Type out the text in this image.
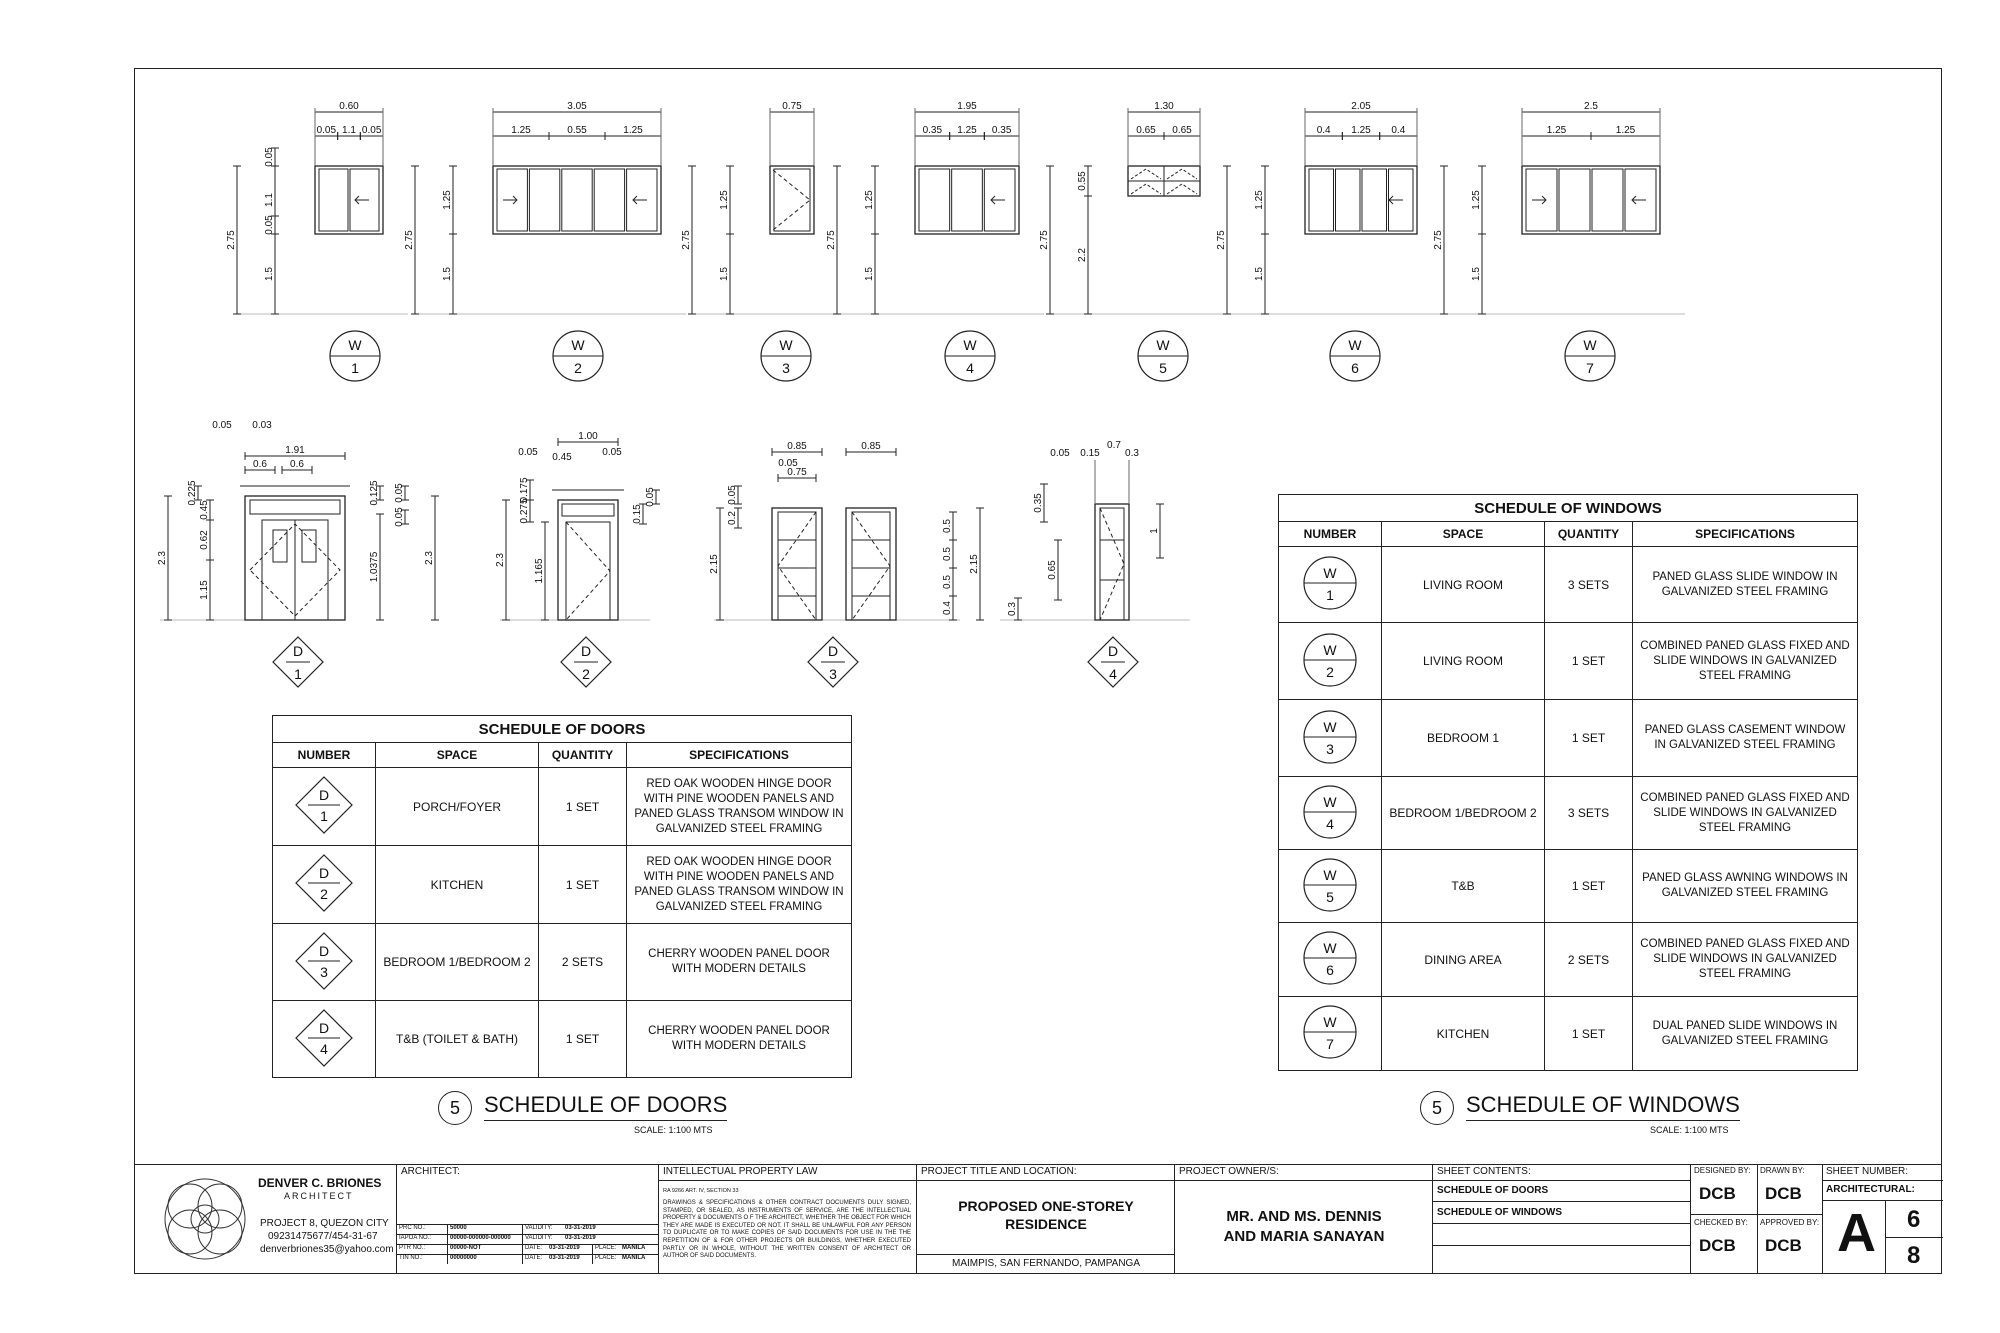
0.05
1.1
0.05
1.5
2.75
0.60
0.05 1.1 0.05
W
1
1.25
1.5
2.75
3.05
1.25	0.55	1.25
W
2
1.25
1.5
2.75
0.75
W
3
1.25
1.5
2.75
1.95
0.35 1.25 0.35
W
4
0.55
2.2
2.75
1.30
0.65 0.65
W
5
1.25
1.5
2.75
2.05
0.4 1.25 0.4
W
6
1.25
1.5
2.75
2.5
1.25	1.25
W
7
2.3
0.225
0.45
0.62
1.15
2.3
0.125 0.05
0.05
1.0375
1.91
0.6 0.6
0.05 0.03
D
1
2.3
0.175
0.275
1.165
0.05
0.15
1.00
0.05 0.45	0.05
D
2
2.15
0.05
0.2
2.15
0.5
0.5
0.5
0.4
0.85
0.05
0.75
0.85
D
3
0.35
0.65
0.3
1
0.05 0.15
0.7
0.3
D
4
SCHEDULE OF DOORS			
NUMBER	SPACE	QUANTITY	SPECIFICATIONS

D
1	PORCH/FOYER	1 SET	RED OAK WOODEN HINGE DOOR WITH PINE WOODEN PANELS AND PANED GLASS TRANSOM WINDOW IN GALVANIZED STEEL FRAMING

D
2	KITCHEN	1 SET	RED OAK WOODEN HINGE DOOR WITH PINE WOODEN PANELS AND PANED GLASS TRANSOM WINDOW IN GALVANIZED STEEL FRAMING

D
3	BEDROOM 1/BEDROOM 2	2 SETS	CHERRY WOODEN PANEL DOOR WITH MODERN DETAILS

D
4	T&B (TOILET & BATH)	1 SET	CHERRY WOODEN PANEL DOOR WITH MODERN DETAILS
SCHEDULE OF WINDOWS			
NUMBER	SPACE	QUANTITY	SPECIFICATIONS

W
1	LIVING ROOM	3 SETS	PANED GLASS SLIDE WINDOW IN GALVANIZED STEEL FRAMING

W
2	LIVING ROOM	1 SET	COMBINED PANED GLASS FIXED AND SLIDE WINDOWS IN GALVANIZED STEEL FRAMING

W
3	BEDROOM 1	1 SET	PANED GLASS CASEMENT WINDOW IN GALVANIZED STEEL FRAMING

W
4	BEDROOM 1/BEDROOM 2	3 SETS	COMBINED PANED GLASS FIXED AND SLIDE WINDOWS IN GALVANIZED STEEL FRAMING

W
5	T&B	1 SET	PANED GLASS AWNING WINDOWS IN GALVANIZED STEEL FRAMING

W
6	DINING AREA	2 SETS	COMBINED PANED GLASS FIXED AND SLIDE WINDOWS IN GALVANIZED STEEL FRAMING

W
7	KITCHEN	1 SET	DUAL PANED SLIDE WINDOWS IN GALVANIZED STEEL FRAMING
5	SCHEDULE OF DOORS
SCALE: 1:100 MTS
5	SCHEDULE OF WINDOWS
SCALE: 1:100 MTS
DENVER C. BRIONES
ARCHITECT
PROJECT 8, QUEZON CITY
09231475677/454-31-67
denverbriones35@yahoo.com
ARCHITECT:
PRC NO.:	50000	VALIDITY: 03-31-2019
IAPOA NO.:	00000-000000-000000 VALIDITY: 03-31-2019
PTR NO.:	00000-NOT	DATE: 03-31-2019	PLACE: MANILA
TIN NO.:	00000000	DATE: 03-31-2019	PLACE: MANILA
INTELLECTUAL PROPERTY LAW
RA 9266 ART. IV, SECTION 33
DRAWINGS & SPECIFICATIONS & OTHER CONTRACT DOCUMENTS DULY SIGNED, STAMPED, OR SEALED, AS INSTRUMENTS OF SERVICE, ARE THE INTELLECTUAL PROPERTY & DOCUMENTS O F THE ARCHITECT, WHETHER THE OBJECT FOR WHICH THEY ARE MADE IS EXECUTED OR NOT. IT SHALL BE UNLAWFUL FOR ANY PERSON TO DUPLICATE OR TO MAKE COPIES OF SAID DOCUMENTS FOR USE IN THE THE REPETITION OF & FOR OTHER PROJECTS OR BUILDINGS, WHETHER EXECUTED PARTLY OR IN WHOLE, WITHOUT THE WRITTEN CONSENT OF ARCHITECT OR AUTHOR OF SAID DOCUMENTS.
PROJECT TITLE AND LOCATION:
PROPOSED ONE-STOREY
RESIDENCE
MAIMPIS, SAN FERNANDO, PAMPANGA
PROJECT OWNER/S:
MR. AND MS. DENNIS
AND MARIA SANAYAN
SHEET CONTENTS:
SCHEDULE OF DOORS
SCHEDULE OF WINDOWS
DESIGNED BY:
DCB
DRAWN BY:
DCB
CHECKED BY:
DCB
APPROVED BY:
DCB
SHEET NUMBER:
ARCHITECTURAL:
A 6
8
